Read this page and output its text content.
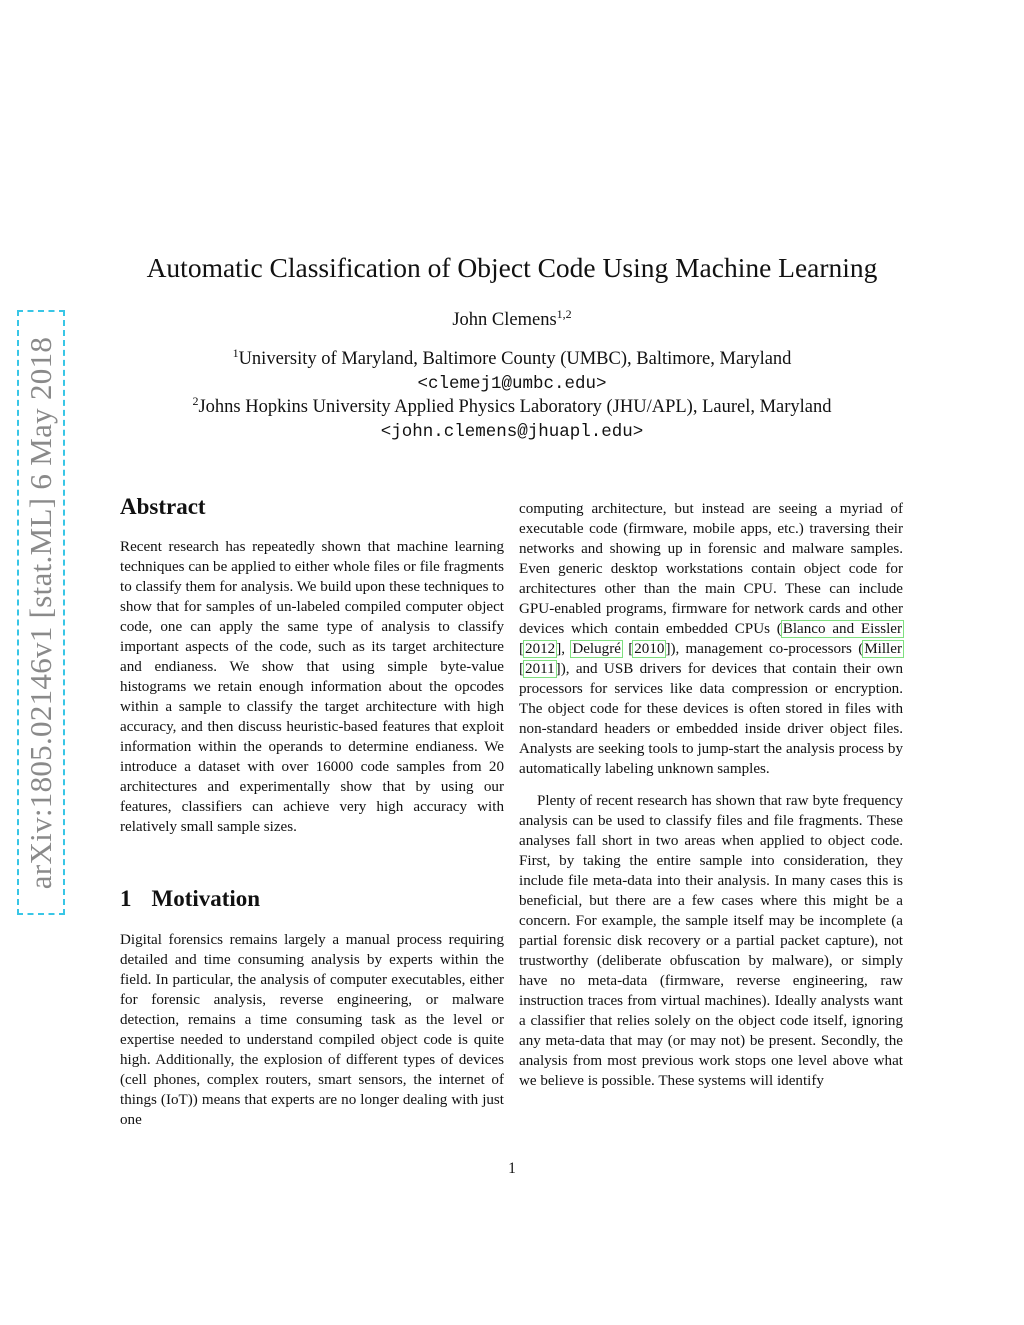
arXiv:1805.02146v1 [stat.ML] 6 May 2018
Automatic Classification of Object Code Using Machine Learning
John Clemens$^{1,2}$
$^1$University of Maryland, Baltimore County (UMBC), Baltimore, Maryland
<clemej1@umbc.edu>
$^2$Johns Hopkins University Applied Physics Laboratory (JHU/APL), Laurel, Maryland
<john.clemens@jhuapl.edu>
Abstract

Recent research has repeatedly shown that machine learning techniques can be applied to either whole files or file fragments to classify them for analysis. We build upon these techniques to show that for samples of un-labeled compiled computer object code, one can apply the same type of analysis to classify important aspects of the code, such as its target architecture and endianess. We show that using simple byte-value histograms we retain enough information about the opcodes within a sample to classify the target architecture with high accuracy, and then discuss heuristic-based features that exploit information within the operands to determine endianess. We introduce a dataset with over 16000 code samples from 20 architectures and experimentally show that by using our features, classifiers can achieve very high accuracy with relatively small sample sizes.

1 Motivation

Digital forensics remains largely a manual process requiring detailed and time consuming analysis by experts within the field. In particular, the analysis of computer executables, either for forensic analysis, reverse engineering, or malware detection, remains a time consuming task as the level or expertise needed to understand compiled object code is quite high. Additionally, the explosion of different types of devices (cell phones, complex routers, smart sensors, the internet of things (IoT)) means that experts are no longer dealing with just one

computing architecture, but instead are seeing a myriad of executable code (firmware, mobile apps, etc.) traversing their networks and showing up in forensic and malware samples. Even generic desktop workstations contain object code for architectures other than the main CPU. These can include GPU-enabled programs, firmware for network cards and other devices which contain embedded CPUs (Blanco and Eissler [2012], Delugré [2010]), management co-processors (Miller [2011]), and USB drivers for devices that contain their own processors for services like data compression or encryption. The object code for these devices is often stored in files with non-standard headers or embedded inside driver object files. Analysts are seeking tools to jump-start the analysis process by automatically labeling unknown samples.

Plenty of recent research has shown that raw byte frequency analysis can be used to classify files and file fragments. These analyses fall short in two areas when applied to object code. First, by taking the entire sample into consideration, they include file meta-data into their analysis. In many cases this is beneficial, but there are a few cases where this might be a concern. For example, the sample itself may be incomplete (a partial forensic disk recovery or a partial packet capture), not trustworthy (deliberate obfuscation by malware), or simply have no meta-data (firmware, reverse engineering, raw instruction traces from virtual machines). Ideally analysts want a classifier that relies solely on the object code itself, ignoring any meta-data that may (or may not) be present. Secondly, the analysis from most previous work stops one level above what we believe is possible. These systems will identify

1
